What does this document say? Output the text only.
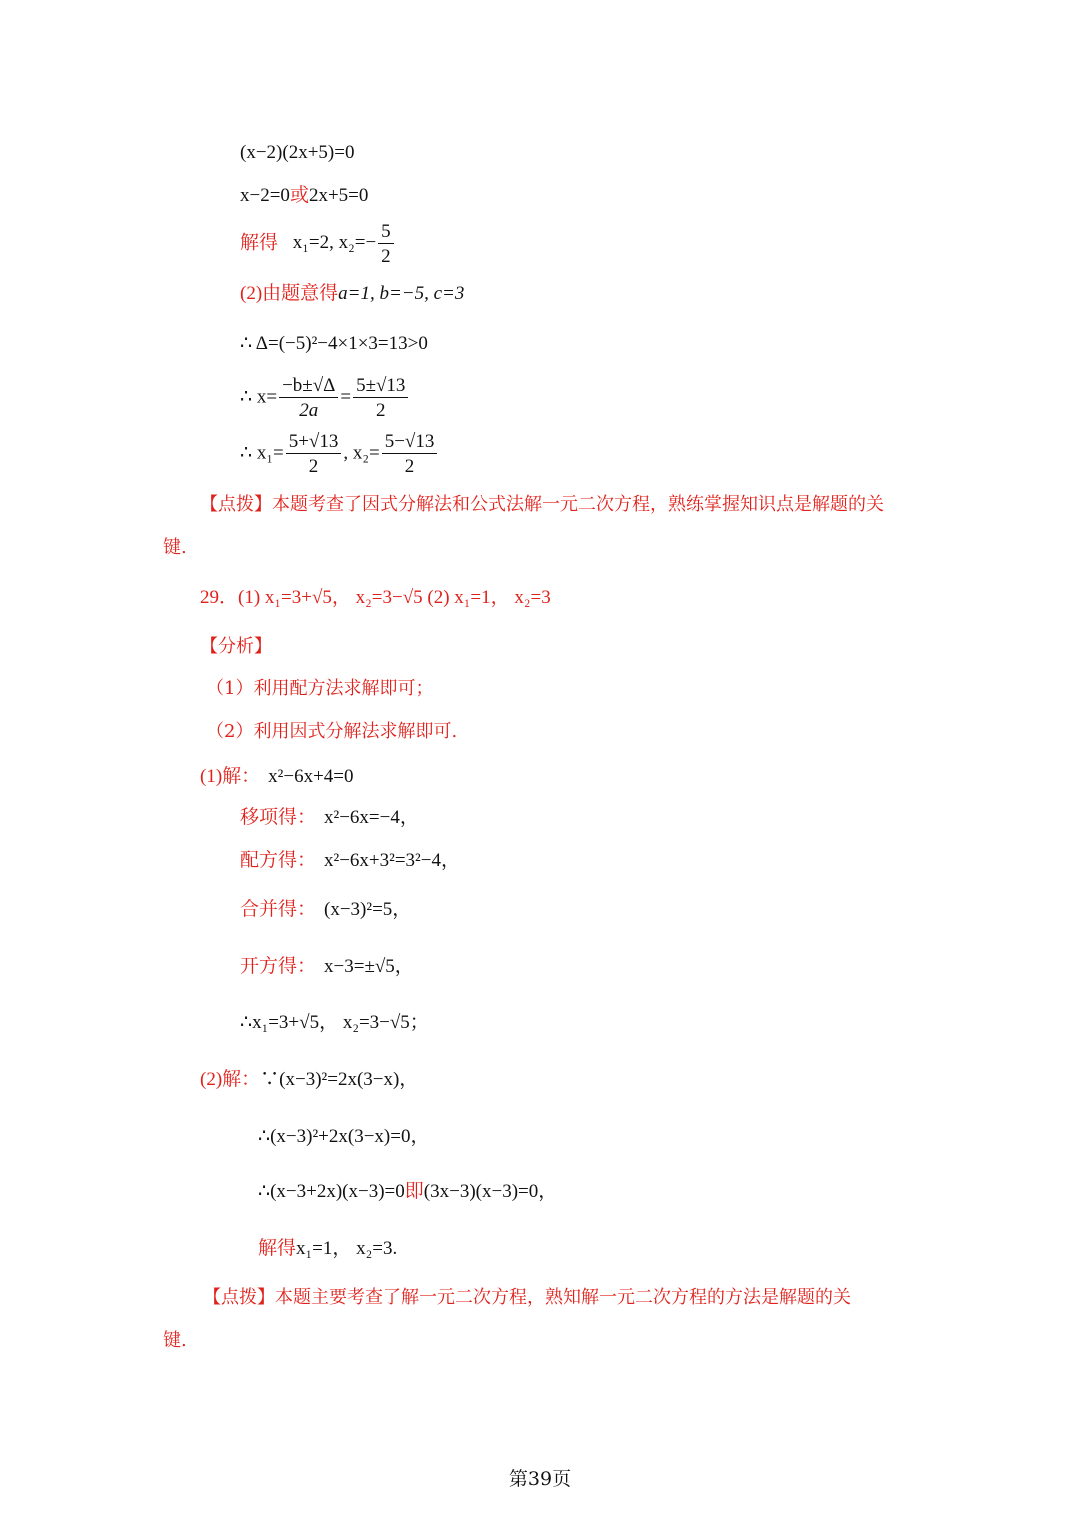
(x−2)(2x+5)=0
x−2=0或2x+5=0
解得 x₁=2, $x_2=- \frac{5}{2}$
(2)由题意得a=1, b=−5, c=3
∴ Δ=(−5)²−4×1×3=13>0
∴ $x= \frac{-b\pm√\Delta}{2a} = \frac{5\pm√13}{2}$
∴ $x_1= \frac{5+√13}{2}$ , $x_2= \frac{5-√13}{2}$
【点拨】本题考查了因式分解法和公式法解一元二次方程，熟练掌握知识点是解题的关
键.
29．(1) x₁=3+√5， x₂=3−√5 (2) x₁=1， x₂=3
【分析】
（1）利用配方法求解即可；
（2）利用因式分解法求解即可.
(1)解： x²−6x+4=0
移项得： x²−6x=−4，
配方得： x²−6x+3²=3²−4，
合并得： (x−3)²=5，
开方得： x−3=±√5，
∴x₁=3+√5， x₂=3−√5；
(2)解：∵(x−3)²=2x(3−x)，
∴(x−3)²+2x(3−x)=0，
∴(x−3+2x)(x−3)=0即(3x−3)(x−3)=0，
解得x₁=1， x₂=3.
【点拨】本题主要考查了解一元二次方程，熟知解一元二次方程的方法是解题的关
键.
第39页
